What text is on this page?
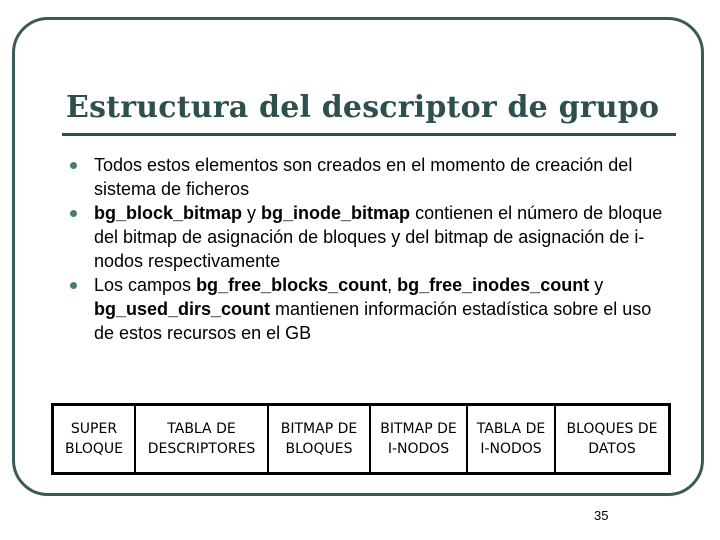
Estructura del descriptor de grupo
Todos estos elementos son creados en el momento de creación del sistema de ficheros
bg_block_bitmap y bg_inode_bitmap contienen el número de bloque del bitmap de asignación de bloques y del bitmap de asignación de i-nodos respectivamente
Los campos bg_free_blocks_count, bg_free_inodes_count y bg_used_dirs_count mantienen información estadística sobre el uso de estos recursos en el GB
SUPER
BLOQUE
TABLA DE
DESCRIPTORES
BITMAP DE
BLOQUES
BITMAP DE
I-NODOS
TABLA DE
I-NODOS
BLOQUES DE
DATOS
35
